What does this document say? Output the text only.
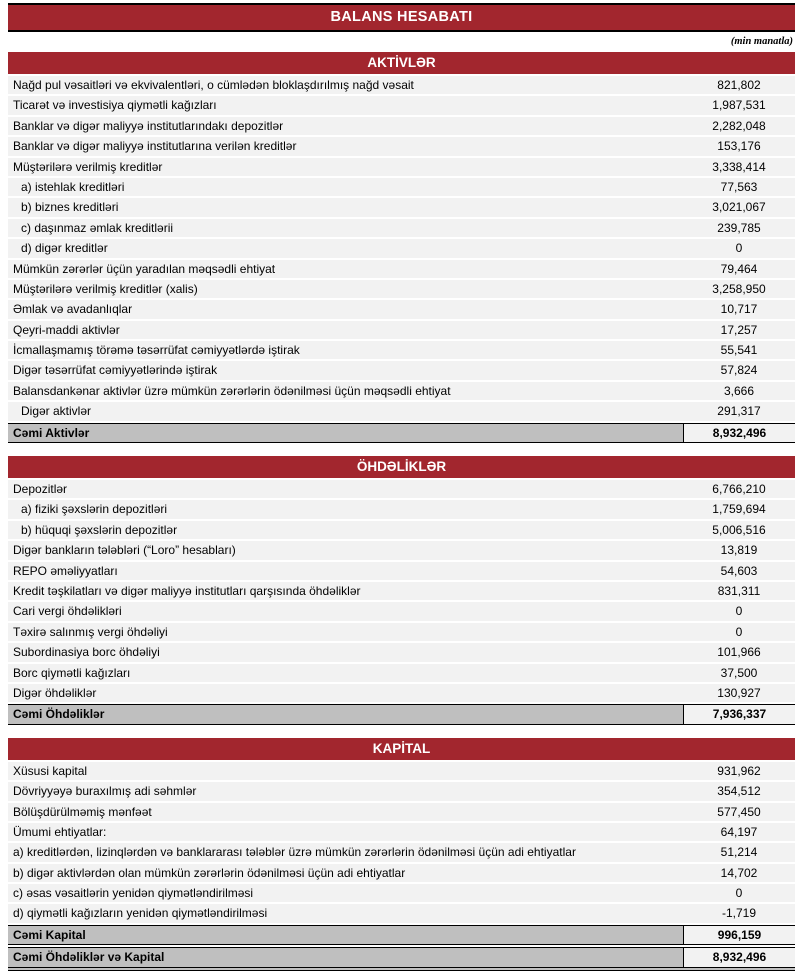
BALANS HESABATI
(min manatla)
AKTİVLƏR
Nağd pul vəsaitləri və ekvivalentləri, o cümlədən bloklaşdırılmış nağd vəsait	821,802
Ticarət və investisiya qiymətli kağızları	1,987,531
Banklar və digər maliyyə institutlarındakı depozitlər	2,282,048
Banklar və digər maliyyə institutlarına verilən kreditlər	153,176
Müştərilərə verilmiş kreditlər	3,338,414
a) istehlak kreditləri	77,563
b) biznes kreditləri	3,021,067
c) daşınmaz əmlak kreditlərii	239,785
d) digər kreditlər	0
Mümkün zərərlər üçün yaradılan məqsədli ehtiyat	79,464
Müştərilərə verilmiş kreditlər (xalis)	3,258,950
Əmlak və avadanlıqlar	10,717
Qeyri-maddi aktivlər	17,257
İcmallaşmamış törəmə təsərrüfat cəmiyyətlərdə iştirak	55,541
Digər təsərrüfat cəmiyyətlərində iştirak	57,824
Balansdankənar aktivlər üzrə mümkün zərərlərin ödənilməsi üçün məqsədli ehtiyat	3,666
Digər aktivlər	291,317
Cəmi Aktivlər	8,932,496
ÖHDƏLİKLƏR
Depozitlər	6,766,210
a) fiziki şəxslərin depozitləri	1,759,694
b) hüquqi şəxslərin depozitlər	5,006,516
Digər bankların tələbləri (“Loro” hesabları)	13,819
REPO əməliyyatları	54,603
Kredit təşkilatları və digər maliyyə institutları qarşısında öhdəliklər	831,311
Cari vergi öhdəlikləri	0
Təxirə salınmış vergi öhdəliyi	0
Subordinasiya borc öhdəliyi	101,966
Borc qiymətli kağızları	37,500
Digər öhdəliklər	130,927
Cəmi Öhdəliklər	7,936,337
KAPİTAL
Xüsusi kapital	931,962
Dövriyyəyə buraxılmış adi səhmlər	354,512
Bölüşdürülməmiş mənfəət	577,450
Ümumi ehtiyatlar:	64,197
a) kreditlərdən, lizinqlərdən və banklararası tələblər üzrə mümkün zərərlərin ödənilməsi üçün adi ehtiyatlar	51,214
b) digər aktivlərdən olan mümkün zərərlərin ödənilməsi üçün adi ehtiyatlar	14,702
c) əsas vəsaitlərin yenidən qiymətləndirilməsi	0
d) qiymətli kağızların yenidən qiymətləndirilməsi	-1,719
Cəmi Kapital	996,159
Cəmi Öhdəliklər və Kapital	8,932,496
